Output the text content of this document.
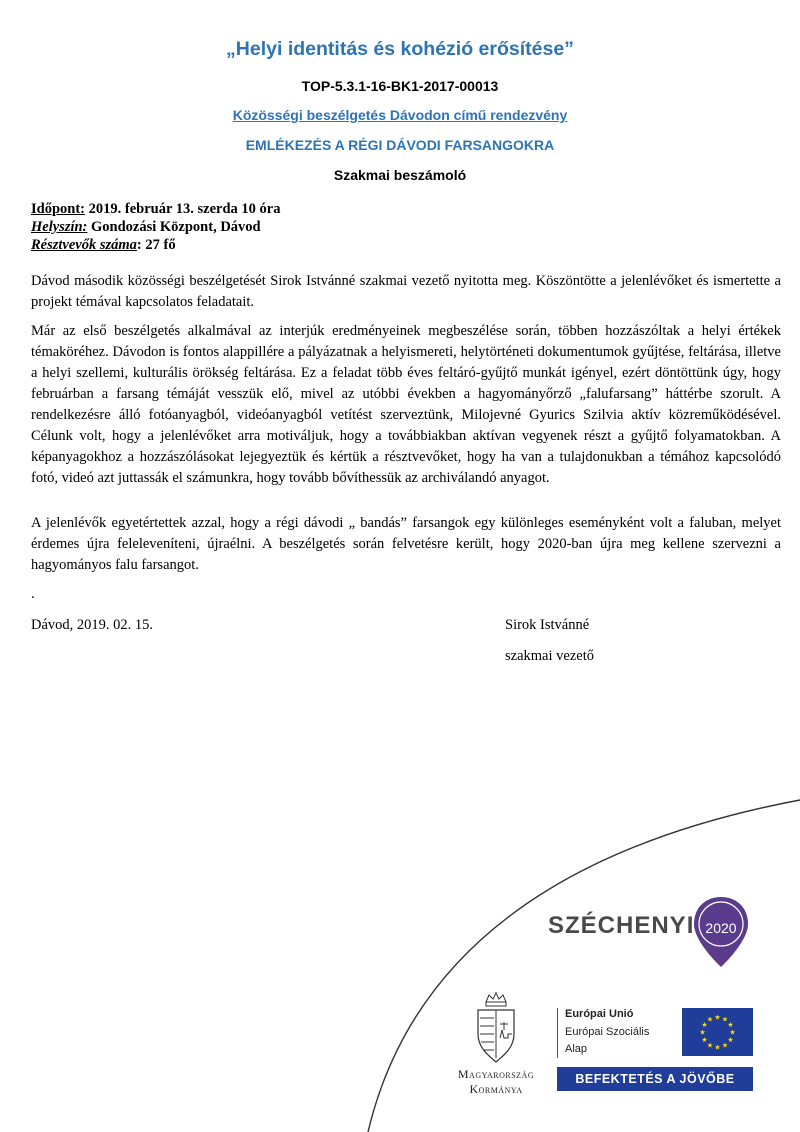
„Helyi identitás és kohézió erősítése”
TOP-5.3.1-16-BK1-2017-00013
Közösségi beszélgetés Dávodon című rendezvény
EMLÉKEZÉS A RÉGI DÁVODI FARSANGOKRA
Szakmai beszámoló
Időpont: 2019. február 13. szerda 10 óra
Helyszín: Gondozási Központ, Dávod
Résztvevők száma: 27 fő
Dávod második közösségi beszélgetését Sirok Istvánné szakmai vezető nyitotta meg. Köszöntötte a jelenlévőket és ismertette a projekt témával kapcsolatos feladatait.
Már az első beszélgetés alkalmával az interjúk eredményeinek megbeszélése során, többen hozzászóltak a helyi értékek témaköréhez. Dávodon is fontos alappillére a pályázatnak a helyismereti, helytörténeti dokumentumok gyűjtése, feltárása, illetve a helyi szellemi, kulturális örökség feltárása. Ez a feladat több éves feltáró-gyűjtő munkát igényel, ezért döntöttünk úgy, hogy februárban a farsang témáját vesszük elő, mivel az utóbbi években a hagyományőrző „falufarsang” háttérbe szorult. A rendelkezésre álló fotóanyagból, videóanyagból vetítést szerveztünk, Milojevné Gyurics Szilvia aktív közreműködésével. Célunk volt, hogy a jelenlévőket arra motiváljuk, hogy a továbbiakban aktívan vegyenek részt a gyűjtő folyamatokban. A képanyagokhoz a hozzászólásokat lejegyeztük és kértük a résztvevőket, hogy ha van a tulajdonukban a témához kapcsolódó fotó, videó azt juttassák el számunkra, hogy tovább bővíthessük az archiválandó anyagot.
A jelenlévők egyetértettek azzal, hogy a régi dávodi „ bandás” farsangok egy különleges eseményként volt a faluban, melyet érdemes újra feleleveníteni, újraélni. A beszélgetés során felvetésre került, hogy 2020-ban újra meg kellene szervezni a hagyományos falu farsangot.
.
Dávod, 2019. 02. 15.	Sirok Istvánné
szakmai vezető
SZÉCHENYI 2020
Magyarország
Kormánya
Európai Unió
Európai Szociális
Alap
★ ★
★
★
★
★
★
★
★
★
★
★
BEFEKTETÉS A JÖVŐBE
